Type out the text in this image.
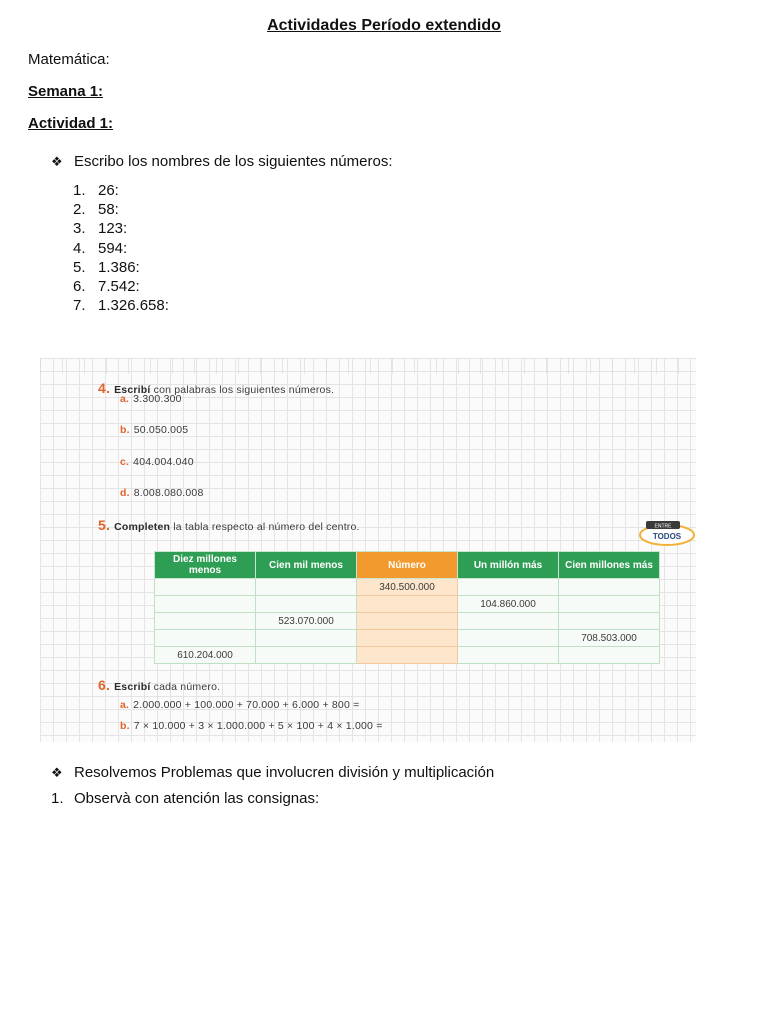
Actividades Período extendido
Matemática:
Semana 1:
Actividad 1:
❖ Escribo los nombres de los siguientes números:
1. 26:
2. 58:
3. 123:
4. 594:
5. 1.386:
6. 7.542:
7. 1.326.658:
4. Escribí con palabras los siguientes números.
a. 3.300.300
b. 50.050.005
c. 404.004.040
d. 8.008.080.008
5. Completen la tabla respecto al número del centro.	ENTRE
TODOS
Diez millones menos	Cien mil menos	Número	Un millón más	Cien millones más
		340.500.000		
			104.860.000	
	523.070.000			
				708.503.000
610.204.000				
6. Escribí cada número.
a. 2.000.000 + 100.000 + 70.000 + 6.000 + 800 =
b. 7 × 10.000 + 3 × 1.000.000 + 5 × 100 + 4 × 1.000 =
❖ Resolvemos Problemas que involucren división y multiplicación
1. Observà con atención las consignas:
